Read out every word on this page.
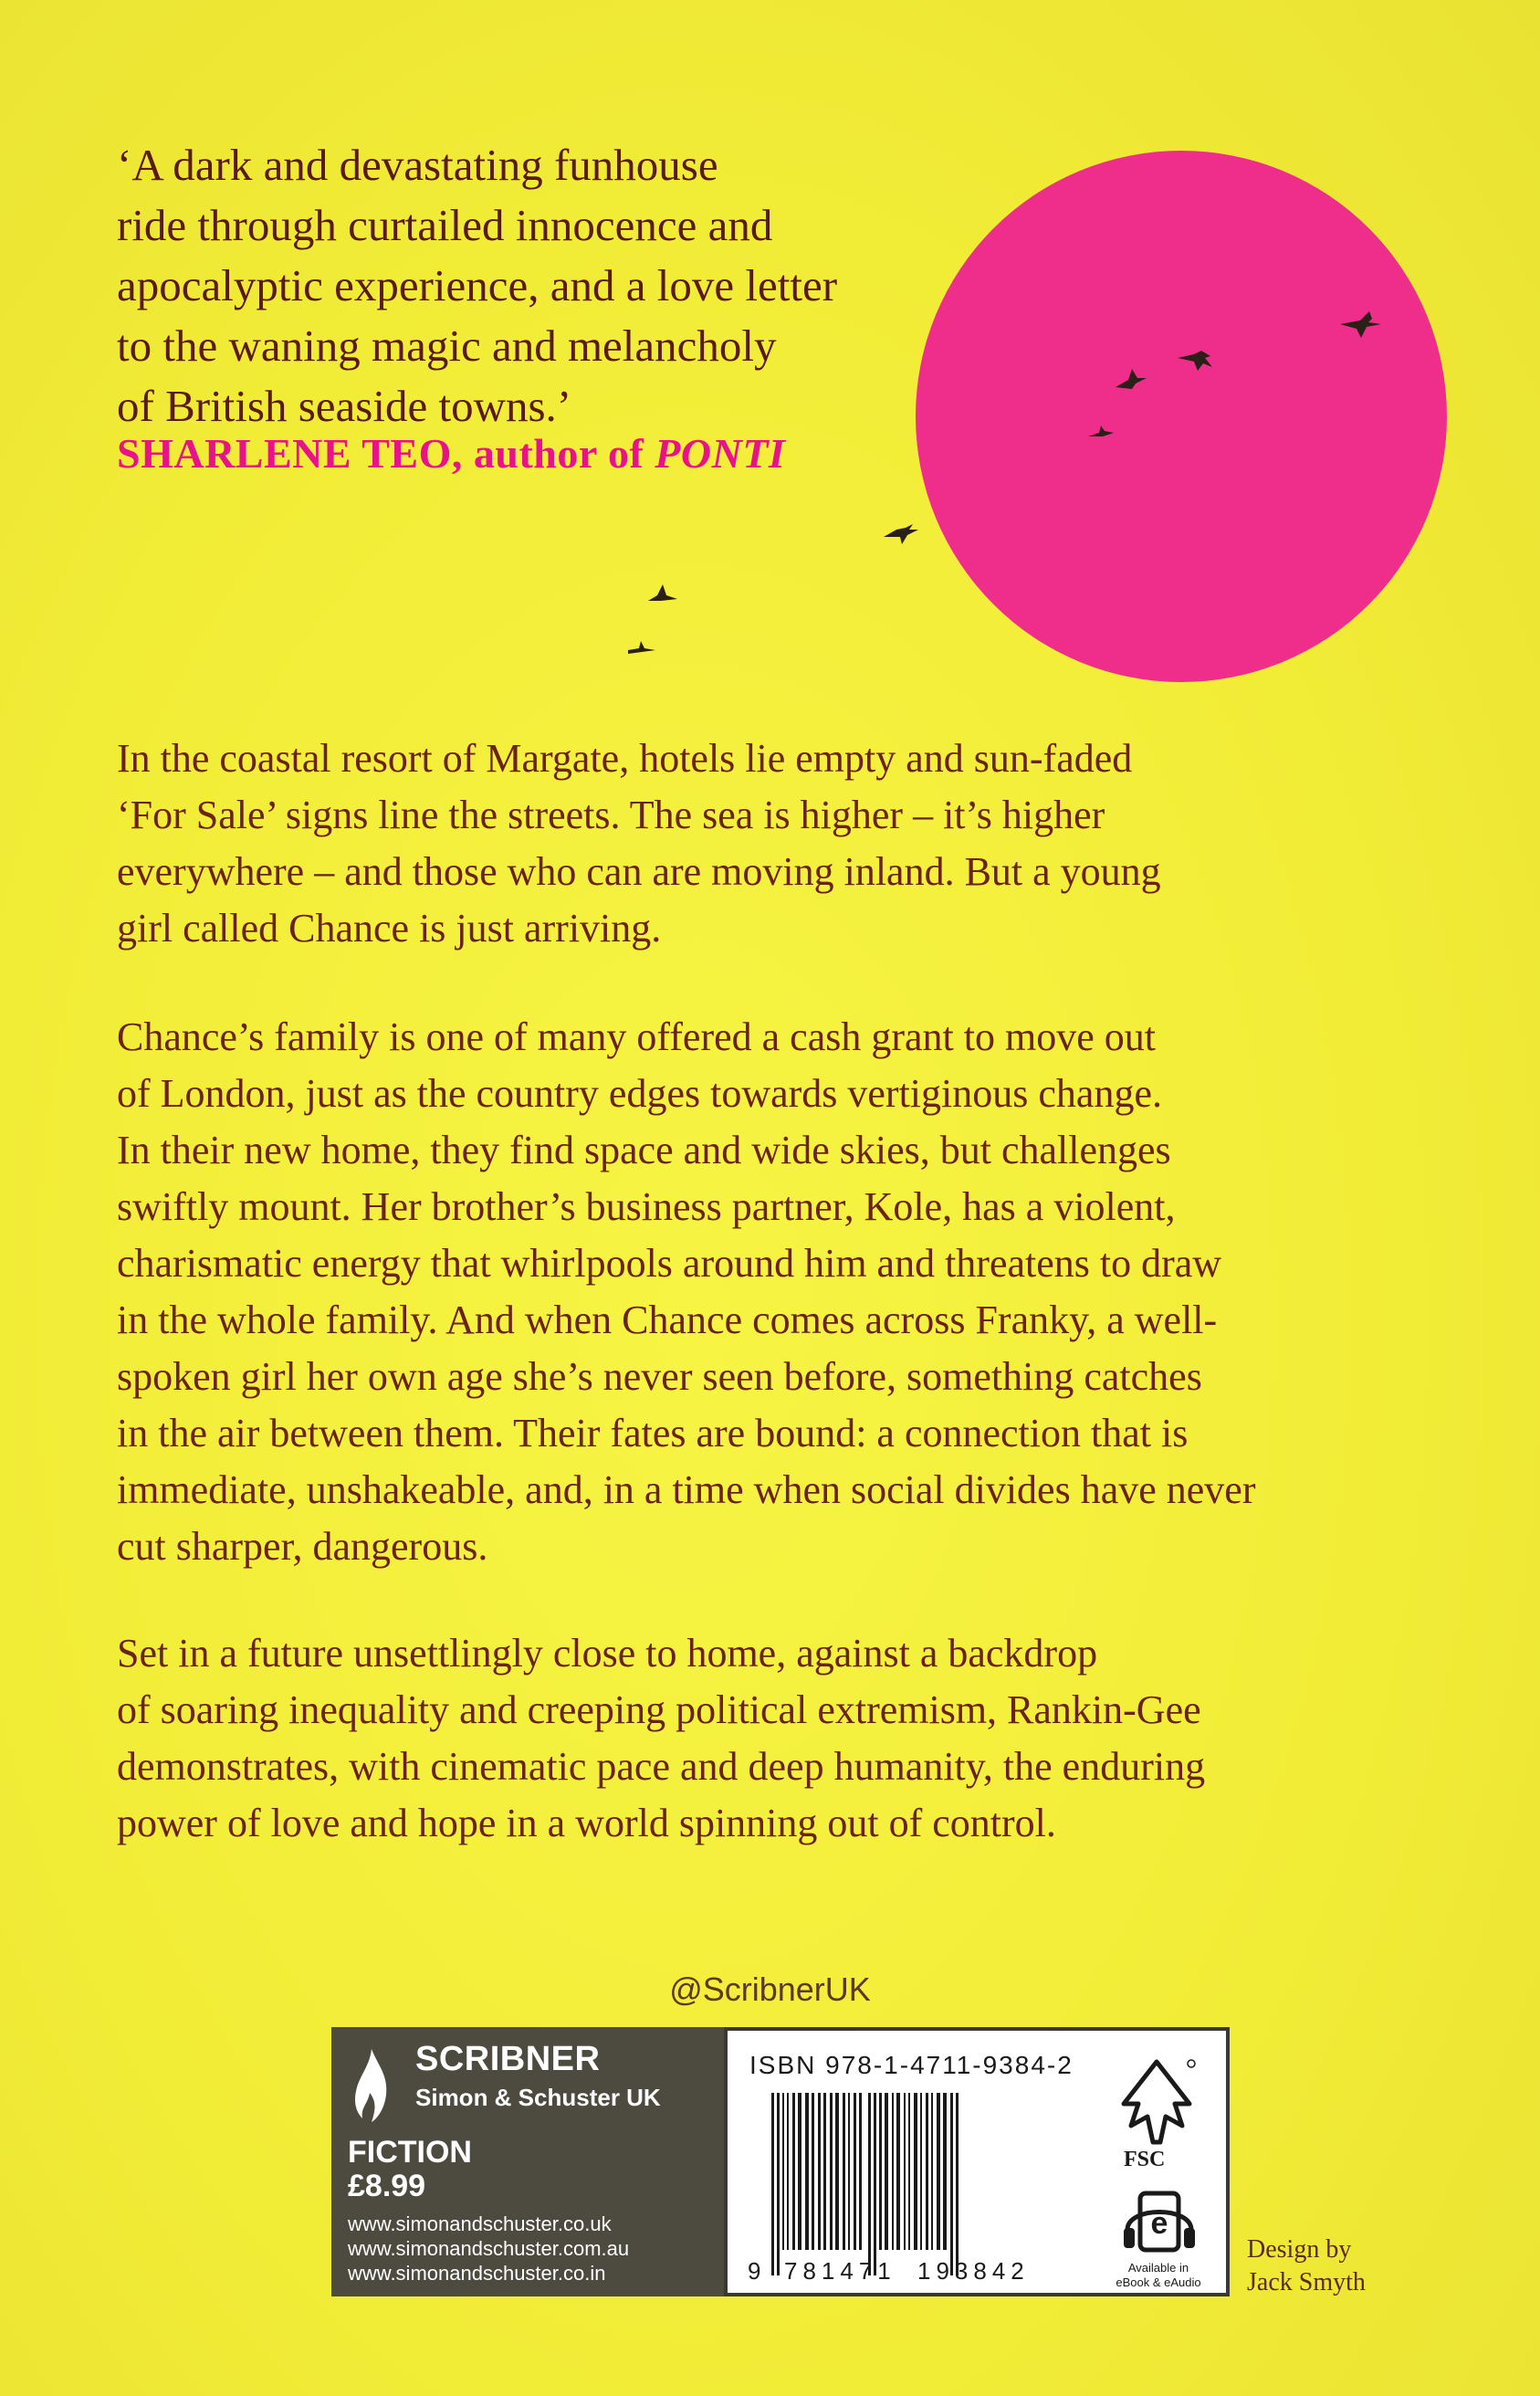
‘A dark and devastating funhouse
ride through curtailed innocence and
apocalyptic experience, and a love letter
to the waning magic and melancholy
of British seaside towns.’
SHARLENE TEO, author of PONTI
In the coastal resort of Margate, hotels lie empty and sun-faded
‘For Sale’ signs line the streets. The sea is higher – it’s higher
everywhere – and those who can are moving inland. But a young
girl called Chance is just arriving.
Chance’s family is one of many offered a cash grant to move out
of London, just as the country edges towards vertiginous change.
In their new home, they find space and wide skies, but challenges
swiftly mount. Her brother’s business partner, Kole, has a violent,
charismatic energy that whirlpools around him and threatens to draw
in the whole family. And when Chance comes across Franky, a well-
spoken girl her own age she’s never seen before, something catches
in the air between them. Their fates are bound: a connection that is
immediate, unshakeable, and, in a time when social divides have never
cut sharper, dangerous.
Set in a future unsettlingly close to home, against a backdrop
of soaring inequality and creeping political extremism, Rankin-Gee
demonstrates, with cinematic pace and deep humanity, the enduring
power of love and hope in a world spinning out of control.
@ScribnerUK
SCRIBNER
Simon & Schuster UK
FICTION
£8.99
www.simonandschuster.co.uk
www.simonandschuster.com.au
www.simonandschuster.co.in
ISBN 978-1-4711-9384-2
9 781471 193842
FSC
e
Available in
eBook & eAudio
Design by
Jack Smyth
